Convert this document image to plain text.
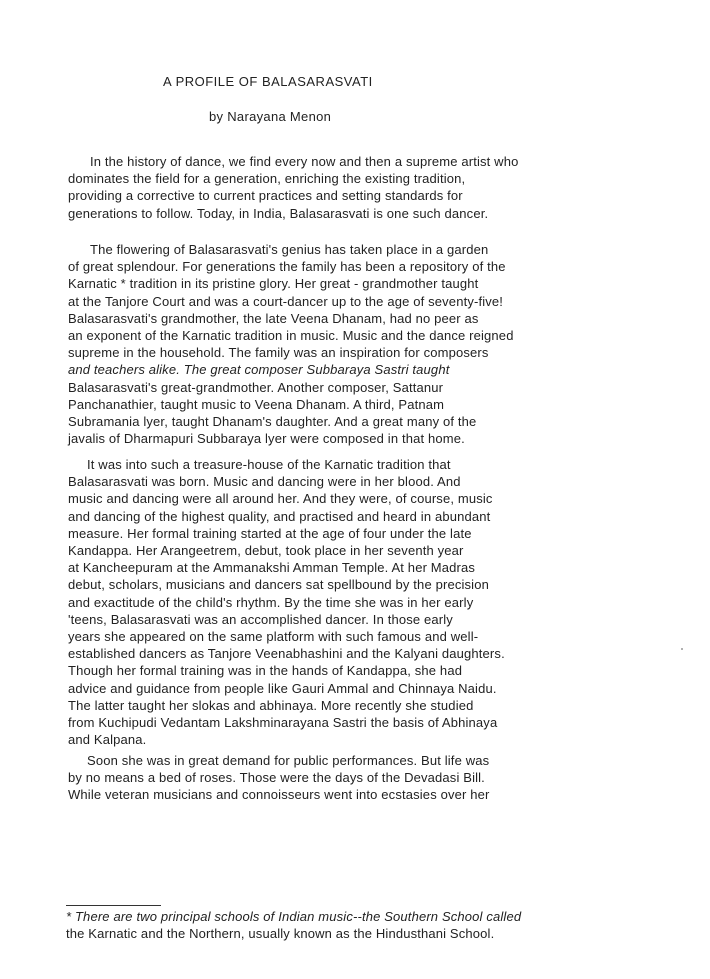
A PROFILE OF BALASARASVATI
by Narayana Menon
In the history of dance, we find every now and then a supreme artist who
dominates the field for a generation, enriching the existing tradition,
providing a corrective to current practices and setting standards for
generations to follow. Today, in India, Balasarasvati is one such dancer.
The flowering of Balasarasvati's genius has taken place in a garden
of great splendour. For generations the family has been a repository of the
Karnatic * tradition in its pristine glory. Her great - grandmother taught
at the Tanjore Court and was a court-dancer up to the age of seventy-five!
Balasarasvati's grandmother, the late Veena Dhanam, had no peer as
an exponent of the Karnatic tradition in music. Music and the dance reigned
supreme in the household. The family was an inspiration for composers
and teachers alike. The great composer Subbaraya Sastri taught
Balasarasvati's great-grandmother. Another composer, Sattanur
Panchanathier, taught music to Veena Dhanam. A third, Patnam
Subramania lyer, taught Dhanam's daughter. And a great many of the
javalis of Dharmapuri Subbaraya lyer were composed in that home.
It was into such a treasure-house of the Karnatic tradition that
Balasarasvati was born. Music and dancing were in her blood. And
music and dancing were all around her. And they were, of course, music
and dancing of the highest quality, and practised and heard in abundant
measure. Her formal training started at the age of four under the late
Kandappa. Her Arangeetrem, debut, took place in her seventh year
at Kancheepuram at the Ammanakshi Amman Temple. At her Madras
debut, scholars, musicians and dancers sat spellbound by the precision
and exactitude of the child's rhythm. By the time she was in her early
'teens, Balasarasvati was an accomplished dancer. In those early
years she appeared on the same platform with such famous and well-
established dancers as Tanjore Veenabhashini and the Kalyani daughters.
Though her formal training was in the hands of Kandappa, she had
advice and guidance from people like Gauri Ammal and Chinnaya Naidu.
The latter taught her slokas and abhinaya. More recently she studied
from Kuchipudi Vedantam Lakshminarayana Sastri the basis of Abhinaya
and Kalpana.
Soon she was in great demand for public performances. But life was
by no means a bed of roses. Those were the days of the Devadasi Bill.
While veteran musicians and connoisseurs went into ecstasies over her
* There are two principal schools of Indian music--the Southern School called
the Karnatic and the Northern, usually known as the Hindusthani School.
